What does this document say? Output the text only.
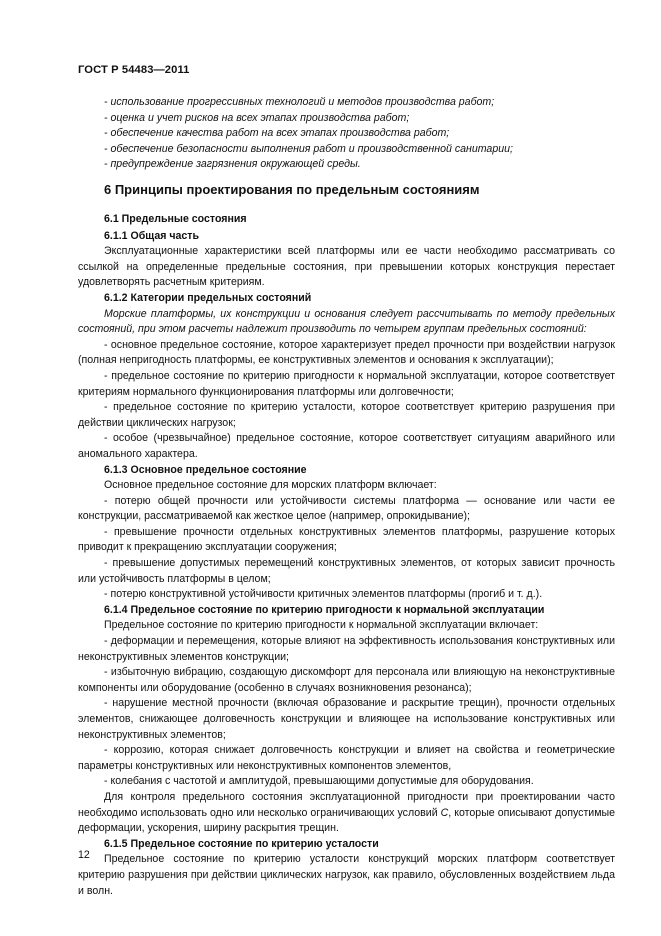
ГОСТ Р 54483—2011
- использование прогрессивных технологий и методов производства работ;
- оценка и учет рисков на всех этапах производства работ;
- обеспечение качества работ на всех этапах производства работ;
- обеспечение безопасности выполнения работ и производственной санитарии;
- предупреждение загрязнения окружающей среды.
6 Принципы проектирования по предельным состояниям
6.1 Предельные состояния
6.1.1 Общая часть

Эксплуатационные характеристики всей платформы или ее части необходимо рассматривать со ссылкой на определенные предельные состояния, при превышении которых конструкция перестает удовлетворять расчетным критериям.

6.1.2 Категории предельных состояний

Морские платформы, их конструкции и основания следует рассчитывать по методу предельных состояний, при этом расчеты надлежит производить по четырем группам предельных состояний:

- основное предельное состояние, которое характеризует предел прочности при воздействии нагрузок (полная непригодность платформы, ее конструктивных элементов и основания к эксплуатации);

- предельное состояние по критерию пригодности к нормальной эксплуатации, которое соответствует критериям нормального функционирования платформы или долговечности;

- предельное состояние по критерию усталости, которое соответствует критерию разрушения при действии циклических нагрузок;

- особое (чрезвычайное) предельное состояние, которое соответствует ситуациям аварийного или аномального характера.

6.1.3 Основное предельное состояние

Основное предельное состояние для морских платформ включает:

- потерю общей прочности или устойчивости системы платформа — основание или части ее конструкции, рассматриваемой как жесткое целое (например, опрокидывание);

- превышение прочности отдельных конструктивных элементов платформы, разрушение которых приводит к прекращению эксплуатации сооружения;

- превышение допустимых перемещений конструктивных элементов, от которых зависит прочность или устойчивость платформы в целом;

- потерю конструктивной устойчивости критичных элементов платформы (прогиб и т. д.).

6.1.4 Предельное состояние по критерию пригодности к нормальной эксплуатации

Предельное состояние по критерию пригодности к нормальной эксплуатации включает:

- деформации и перемещения, которые влияют на эффективность использования конструктивных или неконструктивных элементов конструкции;

- избыточную вибрацию, создающую дискомфорт для персонала или влияющую на неконструктивные компоненты или оборудование (особенно в случаях возникновения резонанса);

- нарушение местной прочности (включая образование и раскрытие трещин), прочности отдельных элементов, снижающее долговечность конструкции и влияющее на использование конструктивных или неконструктивных элементов;

- коррозию, которая снижает долговечность конструкции и влияет на свойства и геометрические параметры конструктивных или неконструктивных компонентов элементов,

- колебания с частотой и амплитудой, превышающими допустимые для оборудования.

Для контроля предельного состояния эксплуатационной пригодности при проектировании часто необходимо использовать одно или несколько ограничивающих условий С, которые описывают допустимые деформации, ускорения, ширину раскрытия трещин.

6.1.5 Предельное состояние по критерию усталости

Предельное состояние по критерию усталости конструкций морских платформ соответствует критерию разрушения при действии циклических нагрузок, как правило, обусловленных воздействием льда и волн.

12
